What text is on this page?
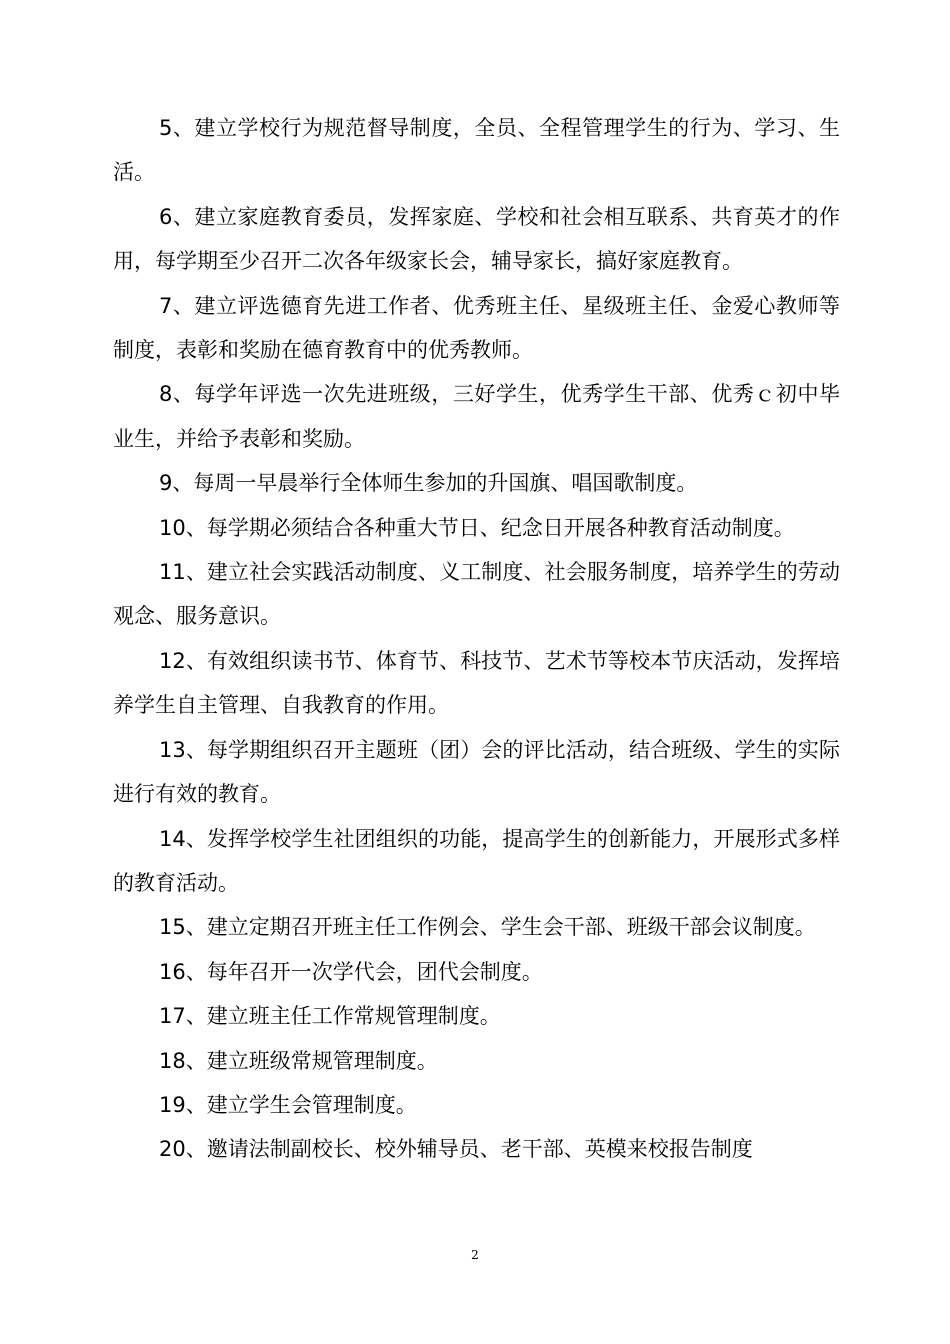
5、建立学校行为规范督导制度，全员、全程管理学生的行为、学习、生活。

6、建立家庭教育委员，发挥家庭、学校和社会相互联系、共育英才的作用，每学期至少召开二次各年级家长会，辅导家长，搞好家庭教育。

7、建立评选德育先进工作者、优秀班主任、星级班主任、金爱心教师等制度，表彰和奖励在德育教育中的优秀教师。

8、每学年评选一次先进班级，三好学生，优秀学生干部、优秀ｃ初中毕业生，并给予表彰和奖励。

9、每周一早晨举行全体师生参加的升国旗、唱国歌制度。

10、每学期必须结合各种重大节日、纪念日开展各种教育活动制度。

11、建立社会实践活动制度、义工制度、社会服务制度，培养学生的劳动观念、服务意识。

12、有效组织读书节、体育节、科技节、艺术节等校本节庆活动，发挥培养学生自主管理、自我教育的作用。

13、每学期组织召开主题班（团）会的评比活动，结合班级、学生的实际进行有效的教育。

14、发挥学校学生社团组织的功能，提高学生的创新能力，开展形式多样的教育活动。

15、建立定期召开班主任工作例会、学生会干部、班级干部会议制度。

16、每年召开一次学代会，团代会制度。

17、建立班主任工作常规管理制度。

18、建立班级常规管理制度。

19、建立学生会管理制度。

20、邀请法制副校长、校外辅导员、老干部、英模来校报告制度

2
